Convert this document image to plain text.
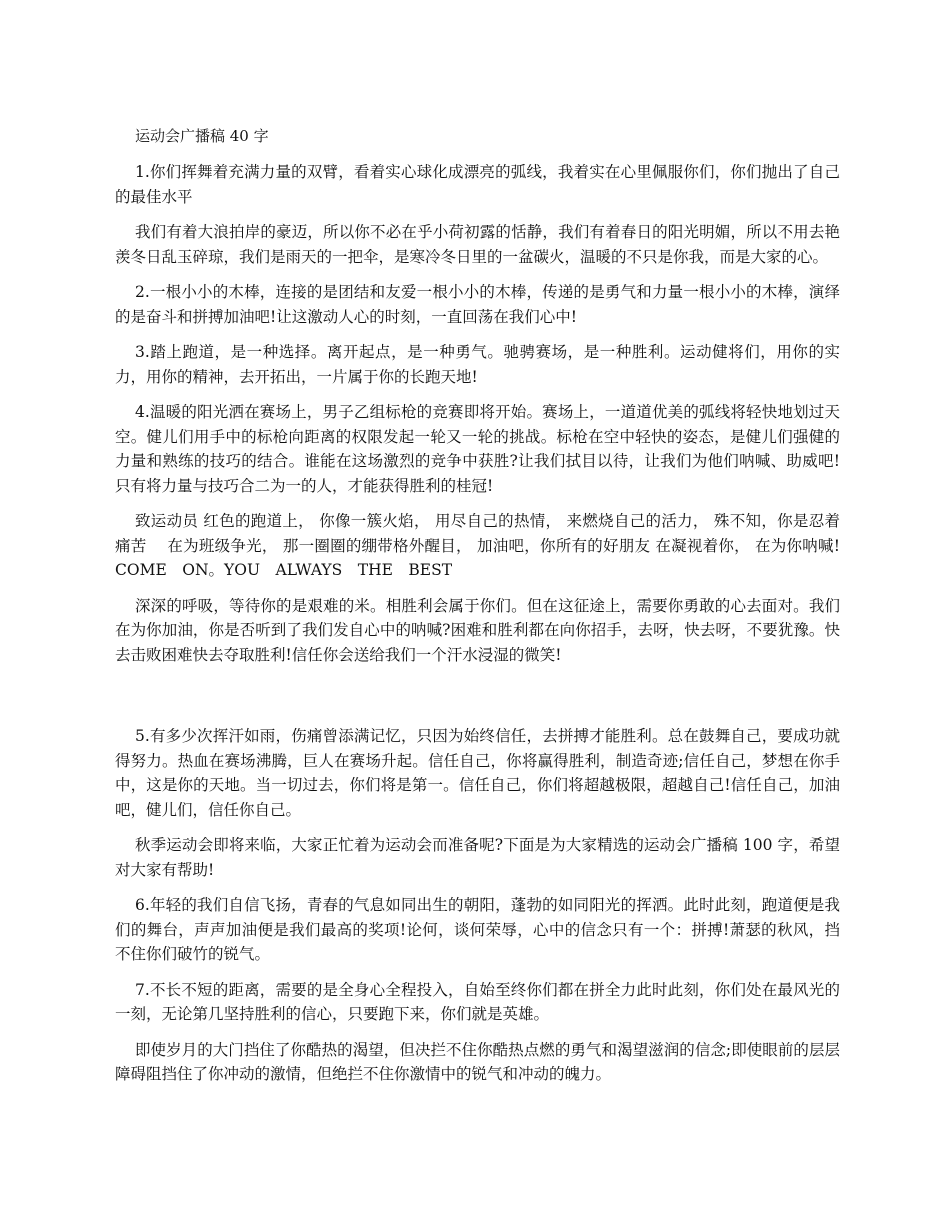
运动会广播稿 40 字

1.你们挥舞着充满力量的双臂，看着实心球化成漂亮的弧线，我着实在心里佩服你们，你们抛出了自己的最佳水平

我们有着大浪拍岸的豪迈，所以你不必在乎小荷初露的恬静，我们有着春日的阳光明媚，所以不用去艳羡冬日乱玉碎琼，我们是雨天的一把伞，是寒冷冬日里的一盆碳火，温暖的不只是你我，而是大家的心。

2.一根小小的木棒，连接的是团结和友爱一根小小的木棒，传递的是勇气和力量一根小小的木棒，演绎的是奋斗和拼搏加油吧!让这激动人心的时刻，一直回荡在我们心中!

3.踏上跑道，是一种选择。离开起点，是一种勇气。驰骋赛场，是一种胜利。运动健将们，用你的实力，用你的精神，去开拓出，一片属于你的长跑天地!

4.温暖的阳光洒在赛场上，男子乙组标枪的竞赛即将开始。赛场上，一道道优美的弧线将轻快地划过天空。健儿们用手中的标枪向距离的权限发起一轮又一轮的挑战。标枪在空中轻快的姿态，是健儿们强健的力量和熟练的技巧的结合。谁能在这场激烈的竞争中获胜?让我们拭目以待，让我们为他们呐喊、助威吧!只有将力量与技巧合二为一的人，才能获得胜利的桂冠!

致运动员 红色的跑道上， 你像一簇火焰， 用尽自己的热情， 来燃烧自己的活力， 殊不知，你是忍着痛苦　 在为班级争光， 那一圈圈的绷带格外醒目， 加油吧，你所有的好朋友 在凝视着你， 在为你呐喊! COME　ON。YOU　ALWAYS　THE　BEST

深深的呼吸，等待你的是艰难的米。相胜利会属于你们。但在这征途上，需要你勇敢的心去面对。我们在为你加油，你是否听到了我们发自心中的呐喊?困难和胜利都在向你招手，去呀，快去呀，不要犹豫。快去击败困难快去夺取胜利!信任你会送给我们一个汗水浸湿的微笑!

5.有多少次挥汗如雨，伤痛曾添满记忆，只因为始终信任，去拼搏才能胜利。总在鼓舞自己，要成功就得努力。热血在赛场沸腾，巨人在赛场升起。信任自己，你将赢得胜利，制造奇迹;信任自己，梦想在你手中，这是你的天地。当一切过去，你们将是第一。信任自己，你们将超越极限，超越自己!信任自己，加油吧，健儿们，信任你自己。

秋季运动会即将来临，大家正忙着为运动会而准备呢?下面是为大家精选的运动会广播稿 100 字，希望对大家有帮助!

6.年轻的我们自信飞扬，青春的气息如同出生的朝阳，蓬勃的如同阳光的挥洒。此时此刻，跑道便是我们的舞台，声声加油便是我们最高的奖项!论何，谈何荣辱，心中的信念只有一个：拼搏!萧瑟的秋风，挡不住你们破竹的锐气。

7.不长不短的距离，需要的是全身心全程投入，自始至终你们都在拼全力此时此刻，你们处在最风光的一刻，无论第几坚持胜利的信心，只要跑下来，你们就是英雄。

即使岁月的大门挡住了你酷热的渴望，但决拦不住你酷热点燃的勇气和渴望滋润的信念;即使眼前的层层障碍阻挡住了你冲动的激情，但绝拦不住你激情中的锐气和冲动的魄力。
